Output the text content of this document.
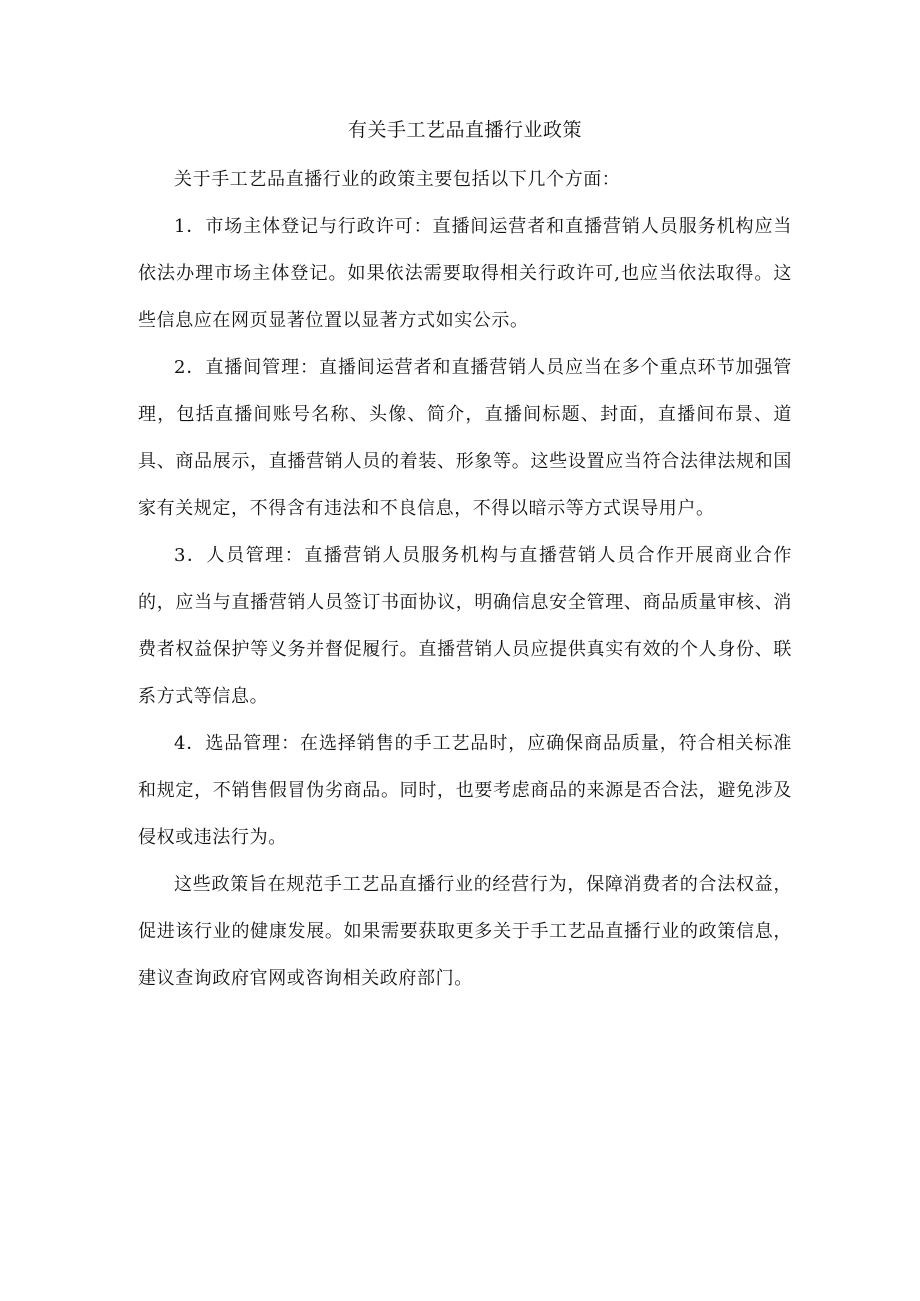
有关手工艺品直播行业政策

关于手工艺品直播行业的政策主要包括以下几个方面：

1．市场主体登记与行政许可：直播间运营者和直播营销人员服务机构应当依法办理市场主体登记。如果依法需要取得相关行政许可,也应当依法取得。这些信息应在网页显著位置以显著方式如实公示。

2．直播间管理：直播间运营者和直播营销人员应当在多个重点环节加强管理，包括直播间账号名称、头像、简介，直播间标题、封面，直播间布景、道具、商品展示，直播营销人员的着装、形象等。这些设置应当符合法律法规和国家有关规定，不得含有违法和不良信息，不得以暗示等方式误导用户。

3．人员管理：直播营销人员服务机构与直播营销人员合作开展商业合作的，应当与直播营销人员签订书面协议，明确信息安全管理、商品质量审核、消费者权益保护等义务并督促履行。直播营销人员应提供真实有效的个人身份、联系方式等信息。

4．选品管理：在选择销售的手工艺品时，应确保商品质量，符合相关标准和规定，不销售假冒伪劣商品。同时，也要考虑商品的来源是否合法，避免涉及侵权或违法行为。

这些政策旨在规范手工艺品直播行业的经营行为，保障消费者的合法权益，促进该行业的健康发展。如果需要获取更多关于手工艺品直播行业的政策信息，建议查询政府官网或咨询相关政府部门。
